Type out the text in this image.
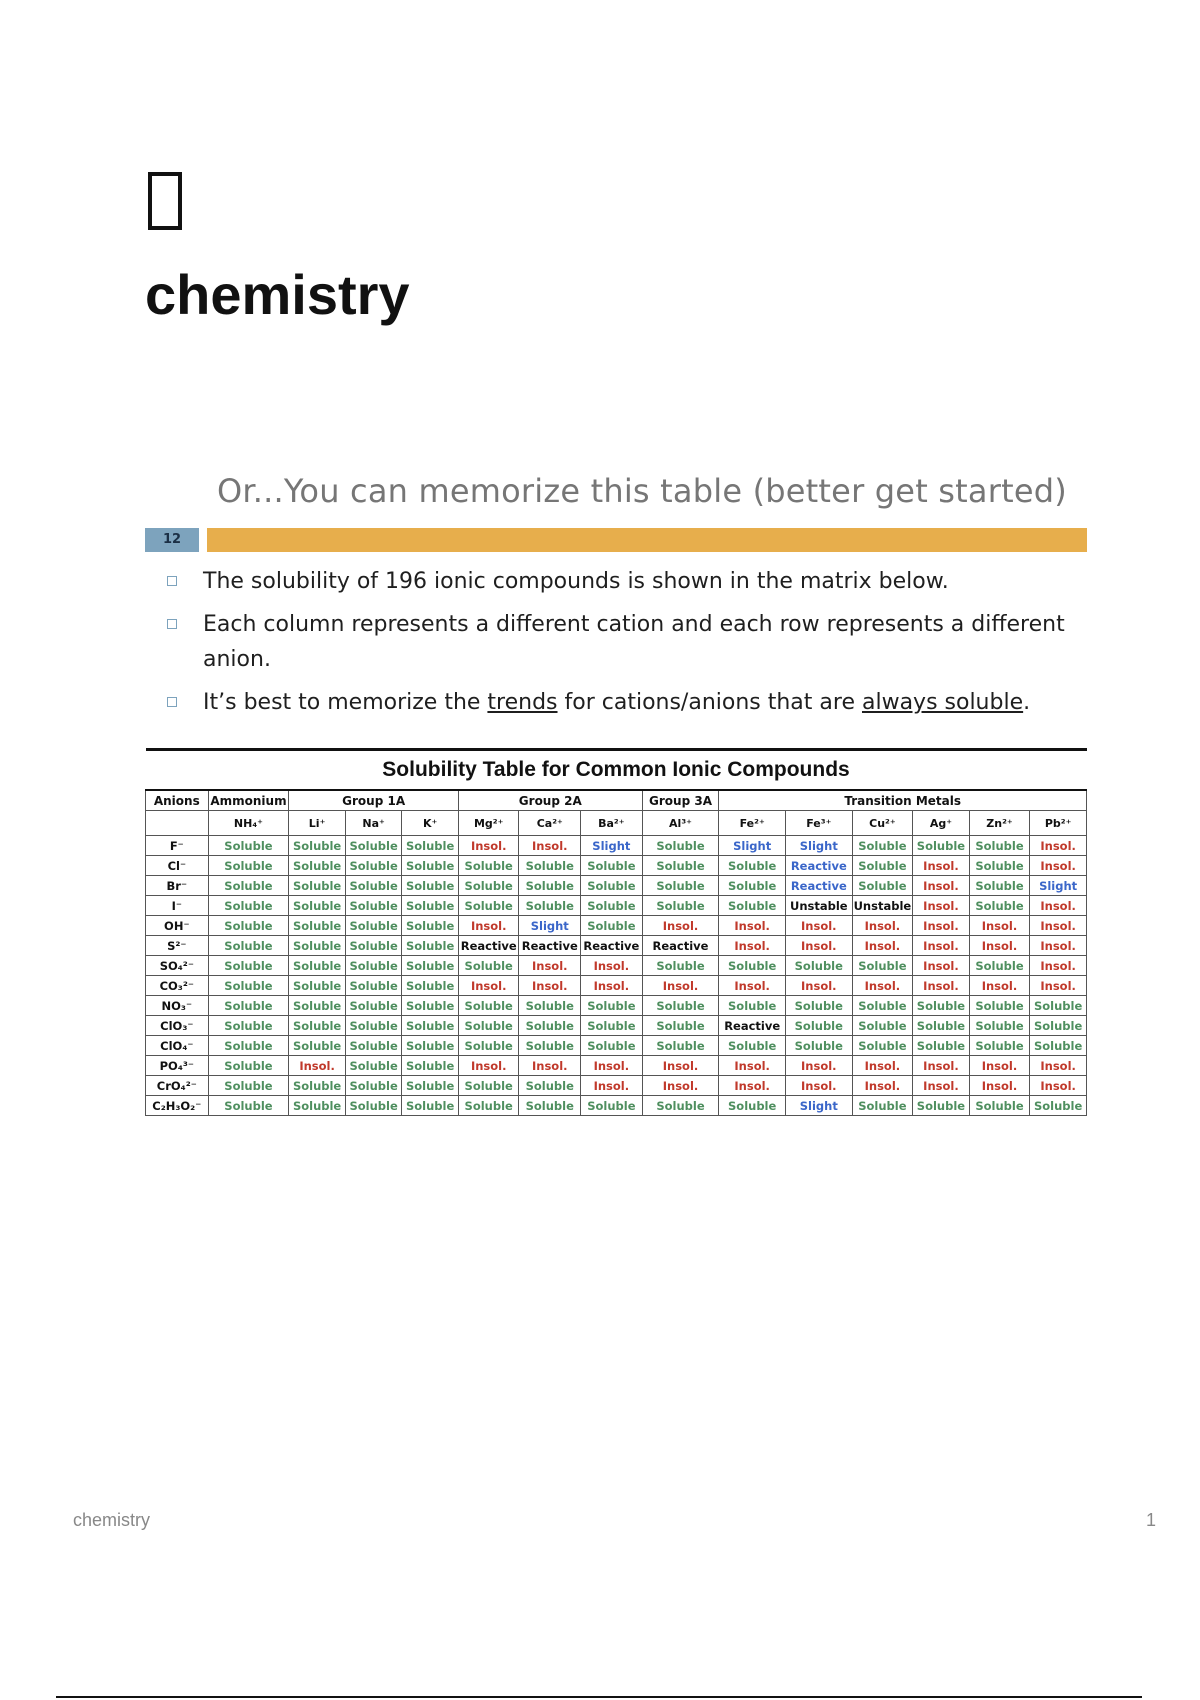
chemistry
Or...You can memorize this table (better get started)
12
The solubility of 196 ionic compounds is shown in the matrix below.
Each column represents a different cation and each row represents a different anion.
It’s best to memorize the trends for cations/anions that are always soluble.
Solubility Table for Common Ionic Compounds														
Anions	Ammonium	Group 1A			Group 2A			Group 3A	Transition Metals					
	NH₄⁺	Li⁺	Na⁺	K⁺	Mg²⁺	Ca²⁺	Ba²⁺	Al³⁺	Fe²⁺	Fe³⁺	Cu²⁺	Ag⁺	Zn²⁺	Pb²⁺
F⁻	Soluble	Soluble	Soluble	Soluble	Insol.	Insol.	Slight	Soluble	Slight	Slight	Soluble	Soluble	Soluble	Insol.
Cl⁻	Soluble	Soluble	Soluble	Soluble	Soluble	Soluble	Soluble	Soluble	Soluble	Reactive	Soluble	Insol.	Soluble	Insol.
Br⁻	Soluble	Soluble	Soluble	Soluble	Soluble	Soluble	Soluble	Soluble	Soluble	Reactive	Soluble	Insol.	Soluble	Slight
I⁻	Soluble	Soluble	Soluble	Soluble	Soluble	Soluble	Soluble	Soluble	Soluble	Unstable	Unstable	Insol.	Soluble	Insol.
OH⁻	Soluble	Soluble	Soluble	Soluble	Insol.	Slight	Soluble	Insol.	Insol.	Insol.	Insol.	Insol.	Insol.	Insol.
S²⁻	Soluble	Soluble	Soluble	Soluble	Reactive	Reactive	Reactive	Reactive	Insol.	Insol.	Insol.	Insol.	Insol.	Insol.
SO₄²⁻	Soluble	Soluble	Soluble	Soluble	Soluble	Insol.	Insol.	Soluble	Soluble	Soluble	Soluble	Insol.	Soluble	Insol.
CO₃²⁻	Soluble	Soluble	Soluble	Soluble	Insol.	Insol.	Insol.	Insol.	Insol.	Insol.	Insol.	Insol.	Insol.	Insol.
NO₃⁻	Soluble	Soluble	Soluble	Soluble	Soluble	Soluble	Soluble	Soluble	Soluble	Soluble	Soluble	Soluble	Soluble	Soluble
ClO₃⁻	Soluble	Soluble	Soluble	Soluble	Soluble	Soluble	Soluble	Soluble	Reactive	Soluble	Soluble	Soluble	Soluble	Soluble
ClO₄⁻	Soluble	Soluble	Soluble	Soluble	Soluble	Soluble	Soluble	Soluble	Soluble	Soluble	Soluble	Soluble	Soluble	Soluble
PO₄³⁻	Soluble	Insol.	Soluble	Soluble	Insol.	Insol.	Insol.	Insol.	Insol.	Insol.	Insol.	Insol.	Insol.	Insol.
CrO₄²⁻	Soluble	Soluble	Soluble	Soluble	Soluble	Soluble	Insol.	Insol.	Insol.	Insol.	Insol.	Insol.	Insol.	Insol.
C₂H₃O₂⁻	Soluble	Soluble	Soluble	Soluble	Soluble	Soluble	Soluble	Soluble	Soluble	Slight	Soluble	Soluble	Soluble	Soluble
chemistry	1
